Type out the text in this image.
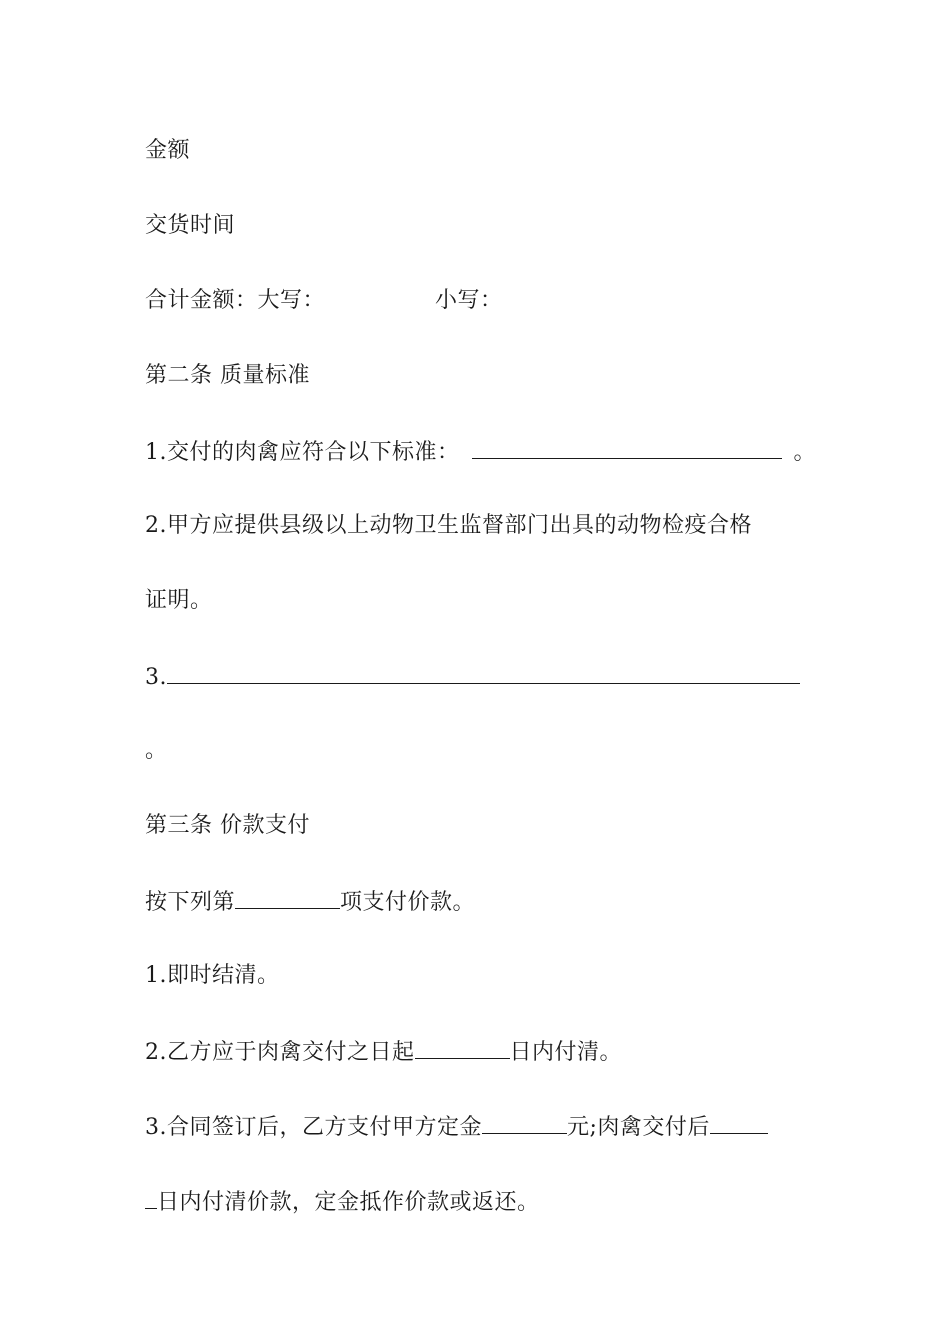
金额
交货时间
合计金额：大写：	小写：
第二条 质量标准
1.交付的肉禽应符合以下标准：	。
2.甲方应提供县级以上动物卫生监督部门出具的动物检疫合格
证明。
3.
。
第三条 价款支付
按下列第	项支付价款。
1.即时结清。
2.乙方应于肉禽交付之日起	日内付清。
3.合同签订后，乙方支付甲方定金	元;肉禽交付后
日内付清价款，定金抵作价款或返还。
